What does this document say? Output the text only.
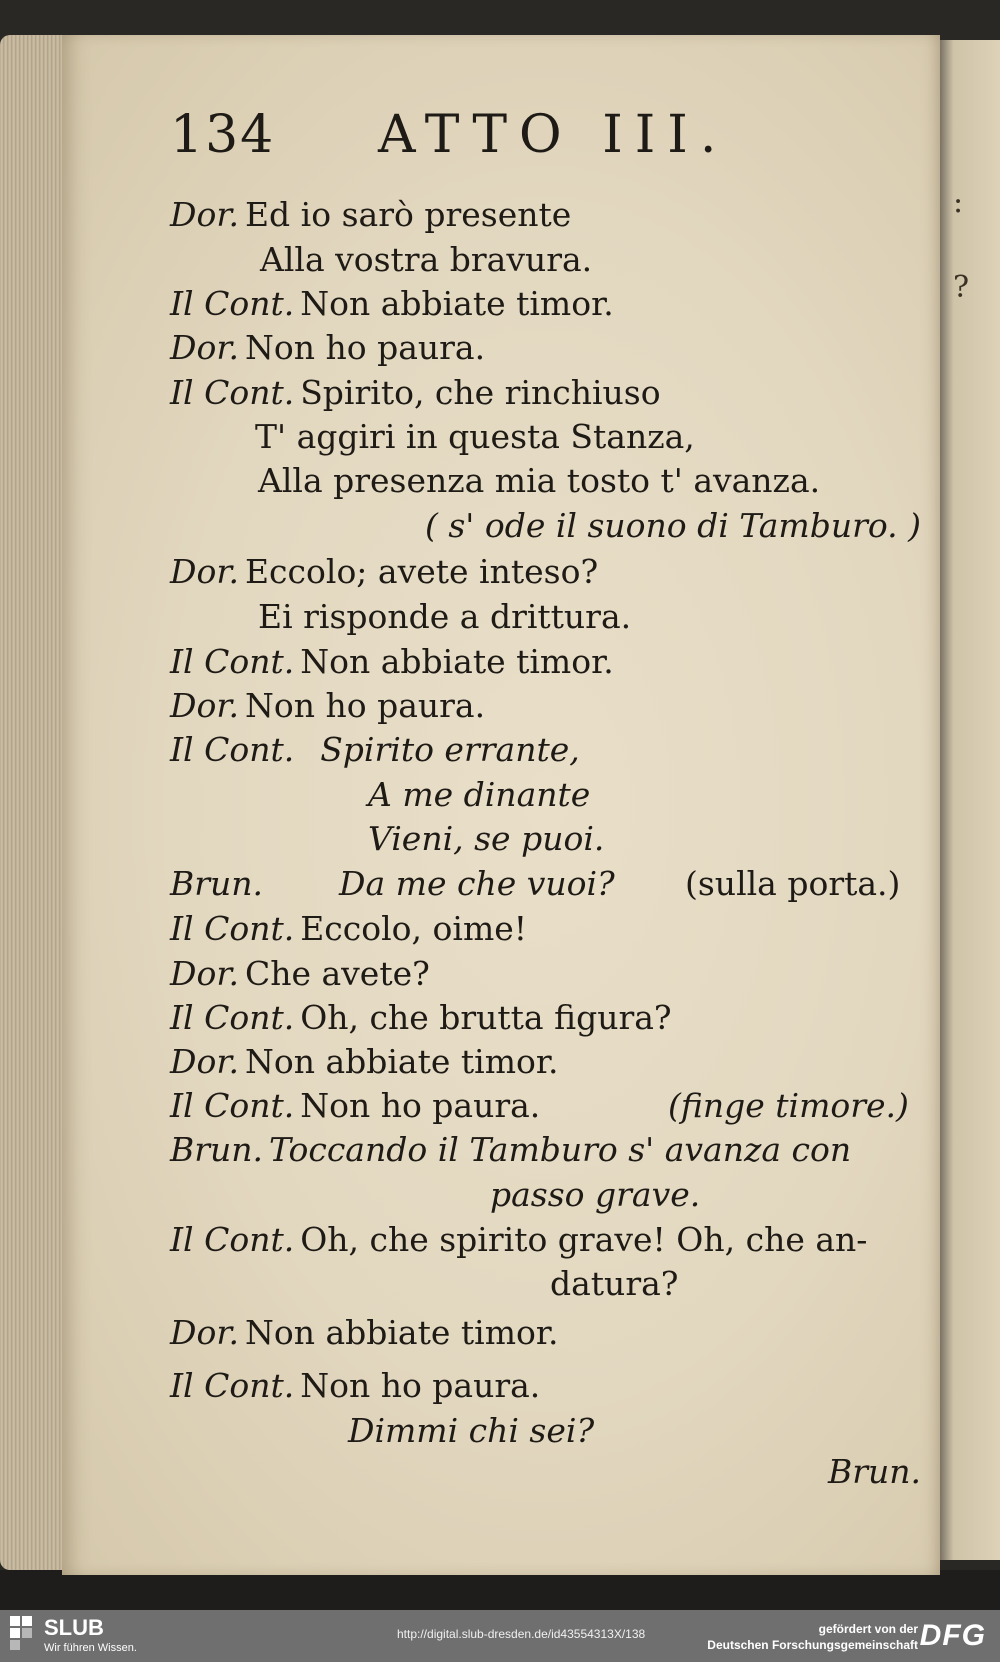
:
?
134 ATTO III.
Dor. Ed io sarò presente
Alla vostra bravura.
Il Cont. Non abbiate timor.
Dor. Non ho paura.
Il Cont. Spirito, che rinchiuso
T' aggiri in questa Stanza,
Alla presenza mia tosto t' avanza.
( s' ode il suono di Tamburo. )
Dor. Eccolo; avete inteso?
Ei risponde a drittura.
Il Cont. Non abbiate timor.
Dor. Non ho paura.
Il Cont. Spirito errante,
A me dinante
Vieni, se puoi.
Brun. Da me che vuoi? (sulla porta.)
Il Cont. Eccolo, oime!
Dor. Che avete?
Il Cont. Oh, che brutta figura?
Dor. Non abbiate timor.
Il Cont. Non ho paura.	(finge timore.)
Brun. Toccando il Tamburo s' avanza con
passo grave.
Il Cont. Oh, che spirito grave! Oh, che an-
datura?
Dor. Non abbiate timor.
Il Cont. Non ho paura.
Dimmi chi sei?
Brun.
SLUB
Wir führen Wissen.
http://digital.slub-dresden.de/id43554313X/138	gefördert von der
Deutschen Forschungsgemeinschaft DFG
